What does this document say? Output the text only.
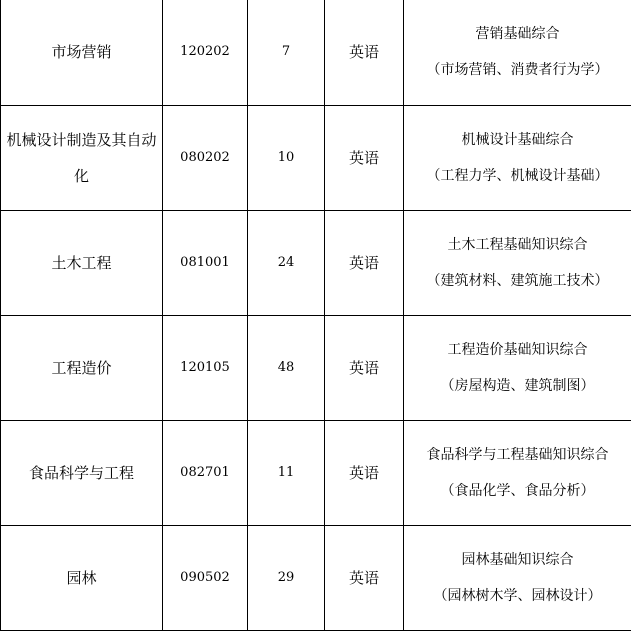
市场营销	120202	7	英语	营销基础综合
（市场营销、消费者行为学）

机械设计制造及其自动化	080202	10	英语	机械设计基础综合
（工程力学、机械设计基础）

土木工程	081001	24	英语	土木工程基础知识综合
（建筑材料、建筑施工技术）

工程造价	120105	48	英语	工程造价基础知识综合
（房屋构造、建筑制图）

食品科学与工程	082701	11	英语	食品科学与工程基础知识综合
（食品化学、食品分析）

园林	090502	29	英语	园林基础知识综合
（园林树木学、园林设计）
